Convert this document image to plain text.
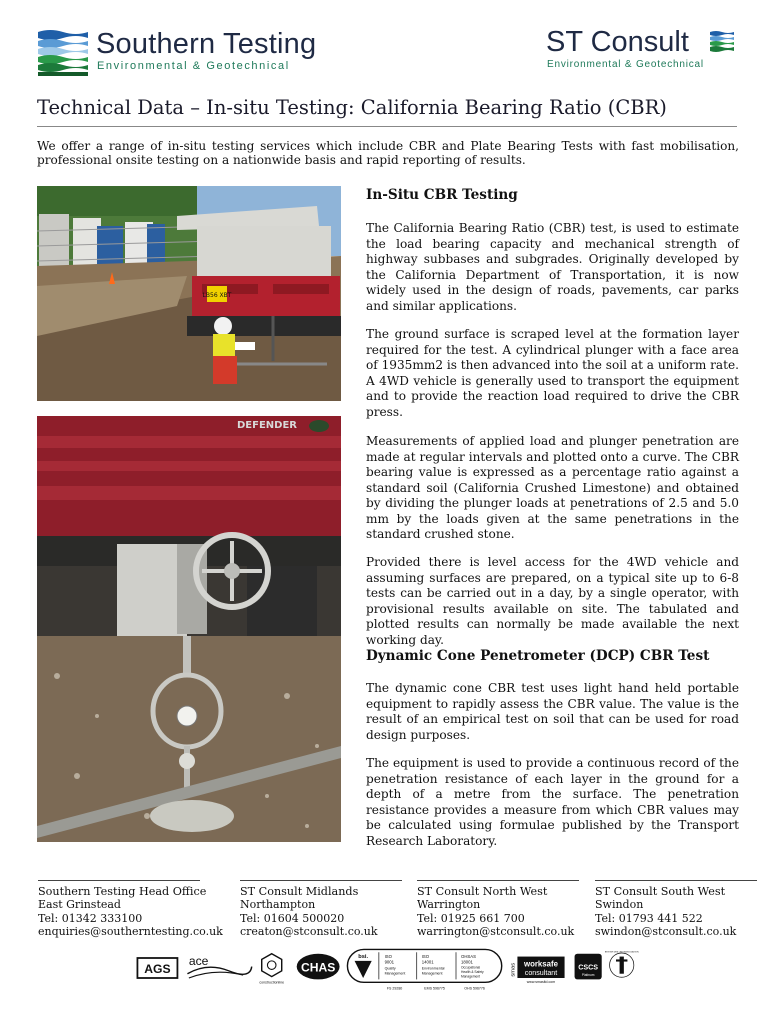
Southern Testing
Environmental & Geotechnical
ST Consult
Environmental & Geotechnical
Technical Data – In-situ Testing: California Bearing Ratio (CBR)

We offer a range of in-situ testing services which include CBR and Plate Bearing Tests with fast mobilisation, professional onsite testing on a nationwide basis and rapid reporting of results.

LB56 XBT
DEFENDER
In-Situ CBR Testing

The California Bearing Ratio (CBR) test, is used to estimate the load bearing capacity and mechanical strength of highway subbases and subgrades. Originally developed by the California Department of Transportation, it is now widely used in the design of roads, pavements, car parks and similar applications.

The ground surface is scraped level at the formation layer required for the test. A cylindrical plunger with a face area of 1935mm2 is then advanced into the soil at a uniform rate. A 4WD vehicle is generally used to transport the equipment and to provide the reaction load required to drive the CBR press.

Measurements of applied load and plunger penetration are made at regular intervals and plotted onto a curve. The CBR bearing value is expressed as a percentage ratio against a standard soil (California Crushed Limestone) and obtained by dividing the plunger loads at penetrations of 2.5 and 5.0 mm by the loads given at the same penetrations in the standard crushed stone.

Provided there is level access for the 4WD vehicle and assuming surfaces are prepared, on a typical site up to 6-8 tests can be carried out in a day, by a single operator, with provisional results available on site. The tabulated and plotted results can normally be made available the next working day.

Dynamic Cone Penetrometer (DCP) CBR Test

The dynamic cone CBR test uses light hand held portable equipment to rapidly assess the CBR value. The value is the result of an empirical test on soil that can be used for road design purposes.

The equipment is used to provide a continuous record of the penetration resistance of each layer in the ground for a depth of a metre from the surface. The penetration resistance provides a measure from which CBR values may be calculated using formulae published by the Transport Research Laboratory.

Southern Testing Head Office
East Grinstead
Tel: 01342 333100
enquiries@southerntesting.co.uk
ST Consult Midlands
Northampton
Tel: 01604 500020
creaton@stconsult.co.uk
ST Consult North West
Warrington
Tel: 01925 661 700
warrington@stconsult.co.uk
ST Consult South West
Swindon
Tel: 01793 441 522
swindon@stconsult.co.uk
AGS
ace
constructionline
CHAS
bsi.	ISO
9001
Quality
Management
ISO
14001
Environmental
Management
OHSAS
18001
Occupational
Health & Safety
Management
FS 29280	EMS 596775	OHS 596776
smas worksafe
consultant
www.smasltd.com
CSCS
Platinum
BRITISH DRILLING ASSOCIATION
